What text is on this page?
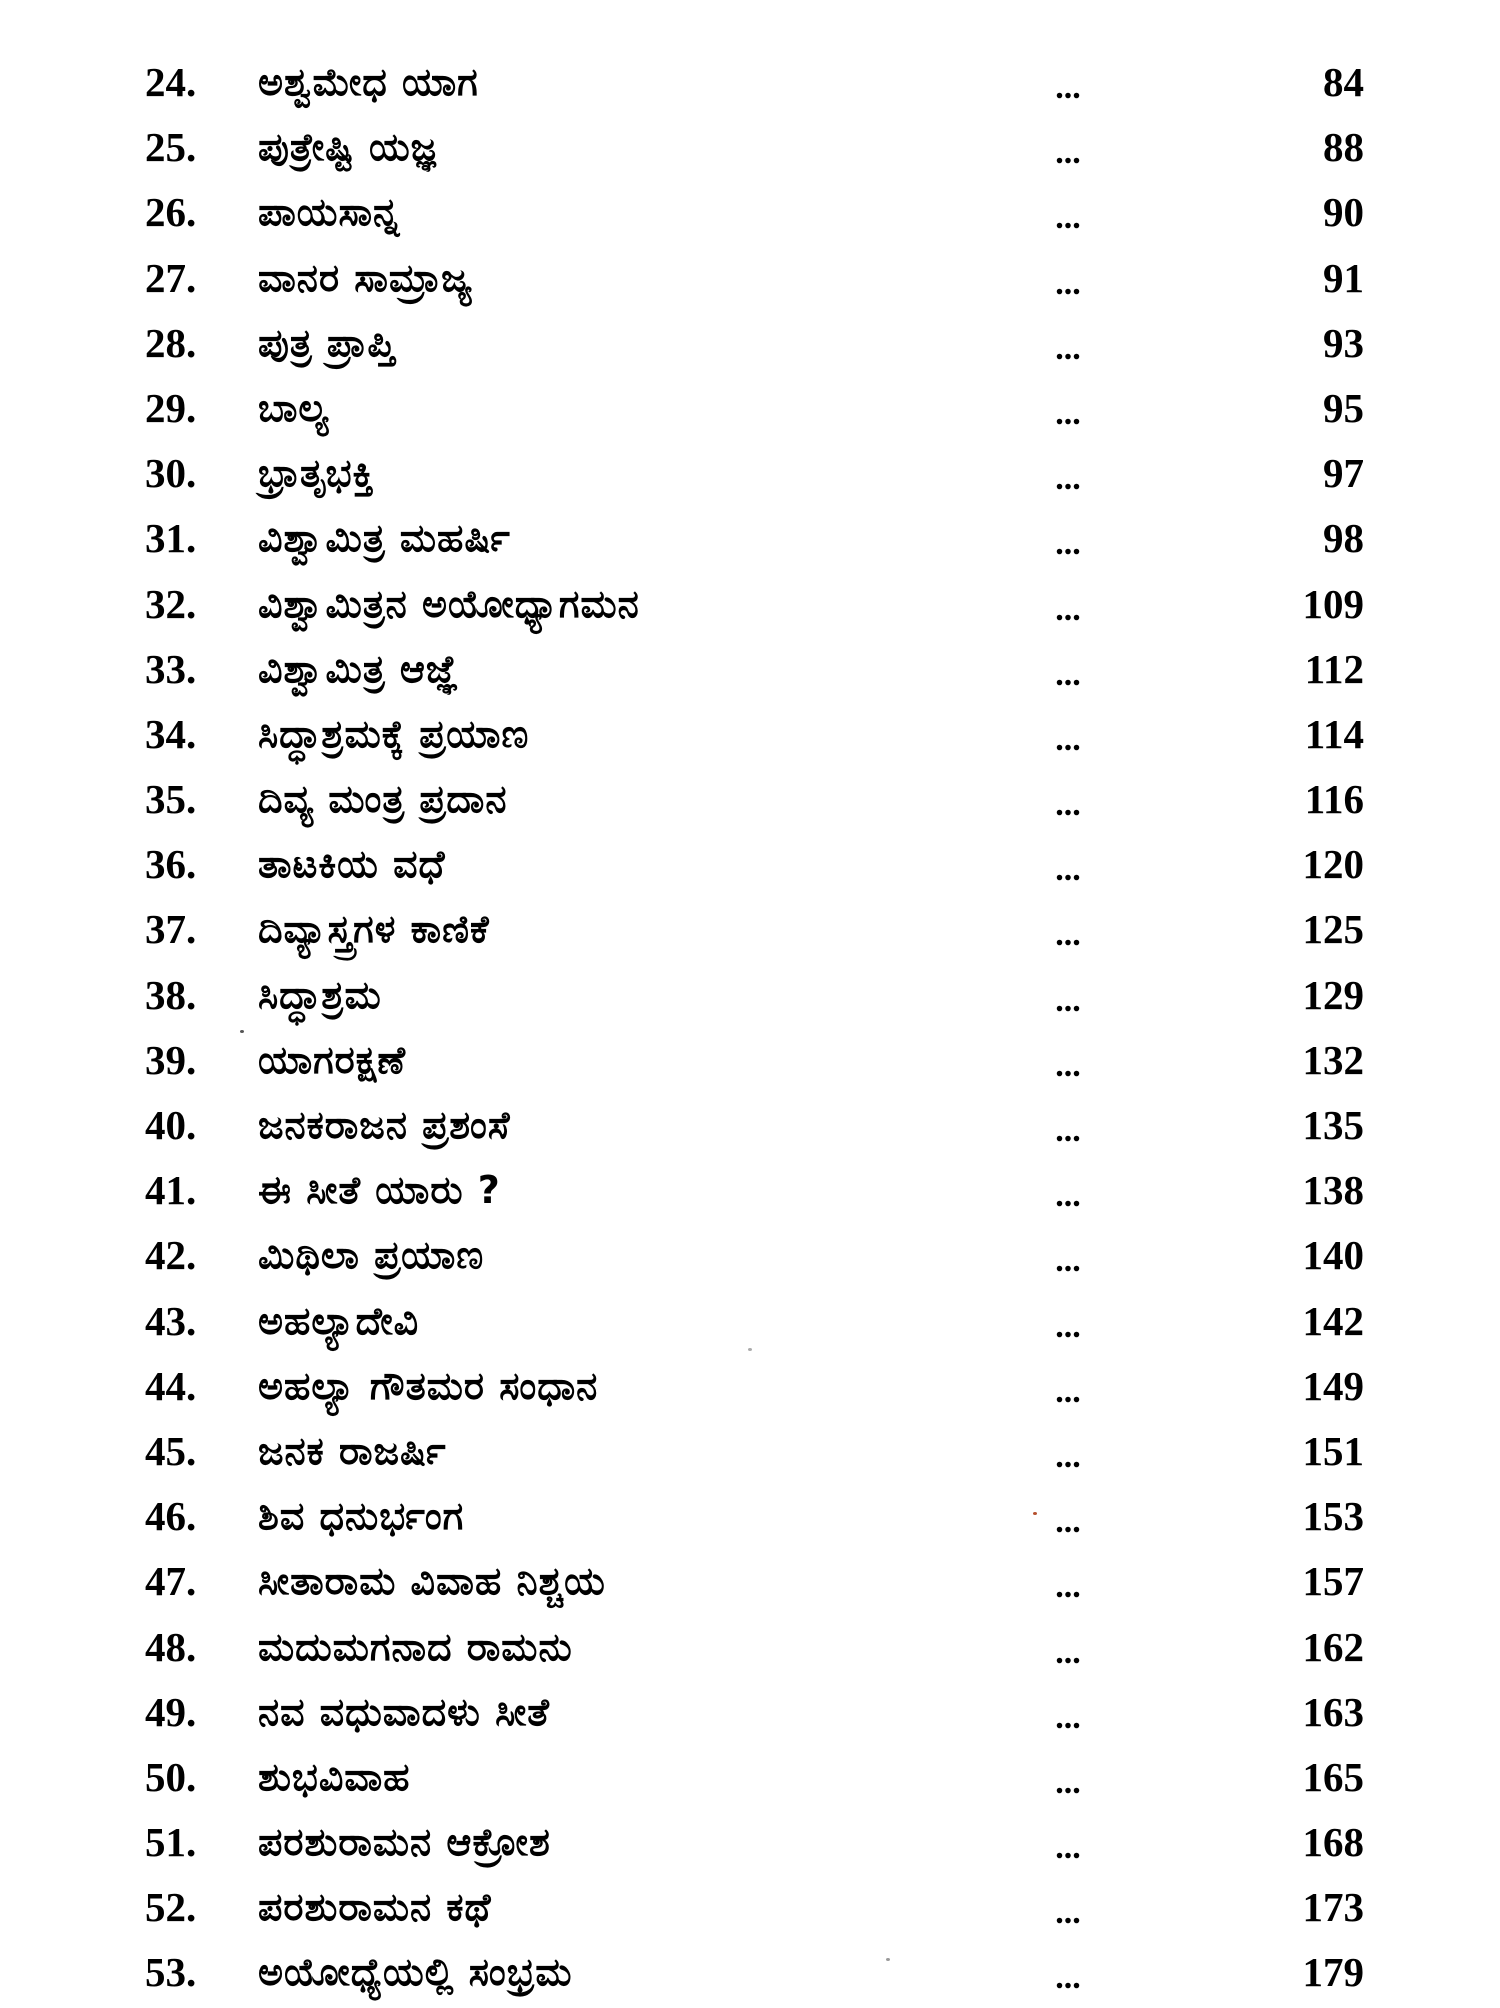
24.	ಅಶ್ವಮೇಧ ಯಾಗ	...	84
25.	ಪುತ್ರೇಷ್ಟಿ ಯಜ್ಞ	...	88
26.	ಪಾಯಸಾನ್ನ	...	90
27.	ವಾನರ ಸಾಮ್ರಾಜ್ಯ	...	91
28.	ಪುತ್ರ ಪ್ರಾಪ್ತಿ	...	93
29.	ಬಾಲ್ಯ	...	95
30.	ಭ್ರಾತೃಭಕ್ತಿ	...	97
31.	ವಿಶ್ವಾಮಿತ್ರ ಮಹರ್ಷಿ	...	98
32.	ವಿಶ್ವಾಮಿತ್ರನ ಅಯೋಧ್ಯಾಗಮನ	...	109
33.	ವಿಶ್ವಾಮಿತ್ರ ಆಜ್ಞೆ	...	112
34.	ಸಿದ್ಧಾಶ್ರಮಕ್ಕೆ ಪ್ರಯಾಣ	...	114
35.	ದಿವ್ಯ ಮಂತ್ರ ಪ್ರದಾನ	...	116
36.	ತಾಟಕಿಯ ವಧೆ	...	120
37.	ದಿವ್ಯಾಸ್ತ್ರಗಳ ಕಾಣಿಕೆ	...	125
38.	ಸಿದ್ಧಾಶ್ರಮ	...	129
39.	ಯಾಗರಕ್ಷಣೆ	...	132
40.	ಜನಕರಾಜನ ಪ್ರಶಂಸೆ	...	135
41.	ಈ ಸೀತೆ ಯಾರು ?	...	138
42.	ಮಿಥಿಲಾ ಪ್ರಯಾಣ	...	140
43.	ಅಹಲ್ಯಾದೇವಿ	...	142
44.	ಅಹಲ್ಯಾ ಗೌತಮರ ಸಂಧಾನ	...	149
45.	ಜನಕ ರಾಜರ್ಷಿ	...	151
46.	ಶಿವ ಧನುರ್ಭಂಗ	...	153
47.	ಸೀತಾರಾಮ ವಿವಾಹ ನಿಶ್ಚಯ	...	157
48.	ಮದುಮಗನಾದ ರಾಮನು	...	162
49.	ನವ ವಧುವಾದಳು ಸೀತೆ	...	163
50.	ಶುಭವಿವಾಹ	...	165
51.	ಪರಶುರಾಮನ ಆಕ್ರೋಶ	...	168
52.	ಪರಶುರಾಮನ ಕಥೆ	...	173
53.	ಅಯೋಧ್ಯೆಯಲ್ಲಿ ಸಂಭ್ರಮ	...	179
